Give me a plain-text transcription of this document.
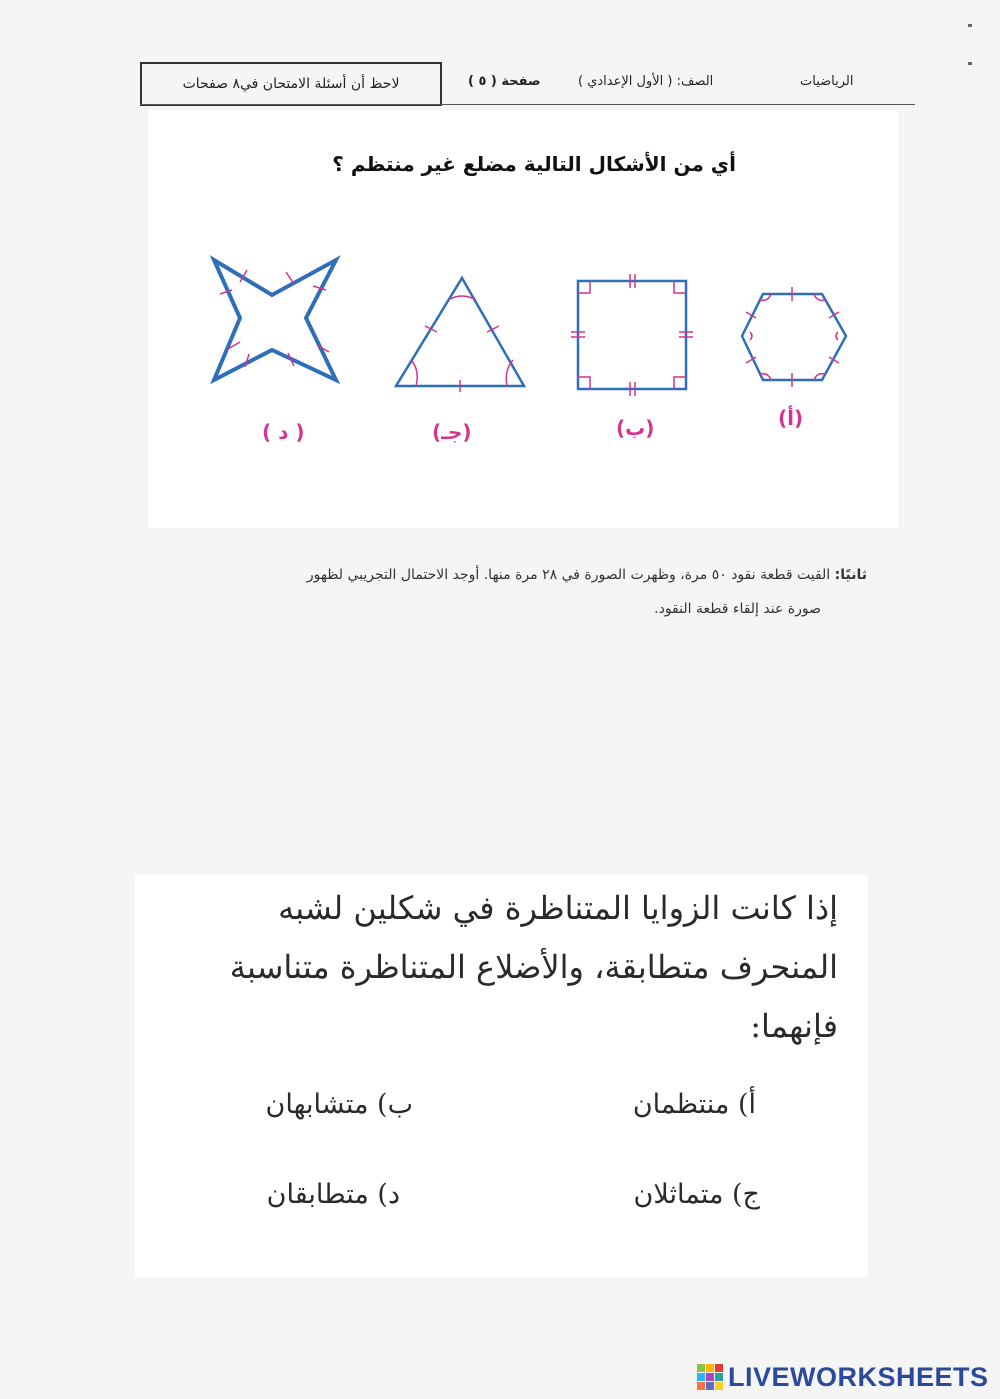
لاحظ أن أسئلة الامتحان في٨ صفحات	صفحة ( ٥ )	الصف: ( الأول الإعدادي )	الرياضيات
أي من الأشكال التالية مضلع غير منتظم ؟
(أ)
(ب)
(جـ)
( د )
ثانيًا: القيت قطعة نقود ٥٠ مرة، وظهرت الصورة في ٢٨ مرة منها. أوجد الاحتمال التجريبي لظهور
صورة عند إلقاء قطعة النقود.
إذا كانت الزوايا المتناظرة في شكلين لشبه
المنحرف متطابقة، والأضلاع المتناظرة متناسبة
فإنهما:
أ) منتظمان
ب) متشابهان
ج) متماثلان
د) متطابقان
LIVEWORKSHEETS
